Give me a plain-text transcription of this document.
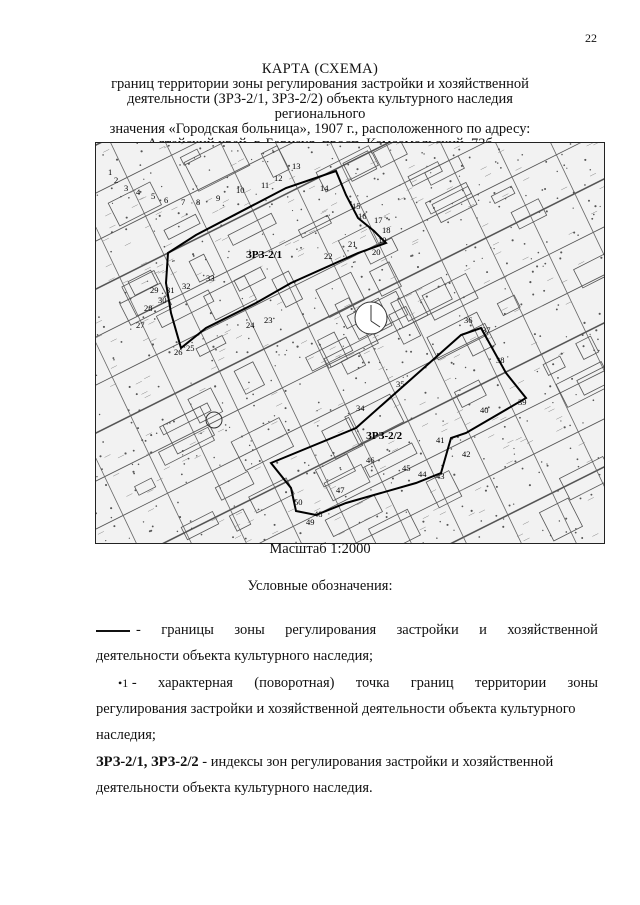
22
КАРТА (СХЕМА)
границ территории зоны регулирования застройки и хозяйственной
деятельности (ЗРЗ-2/1, ЗРЗ-2/2) объекта культурного наследия регионального
значения «Городская больница», 1907 г., расположенного по адресу:
1
2
3 4 5 6 7 8 9
10 11
12
13
14
15
16 17
18
19
20
21
22
23
24
25
26
27
28
29
30
31 32
33
34
35
36
37
38
39
40
41
42
43
44
45
46
47
48
49
50
ЗРЗ-2/1
ЗРЗ-2/2
Масштаб 1:2000
Условные обозначения:
- границы зоны регулирования застройки и хозяйственной
деятельности объекта культурного наследия;
•1 - характерная (поворотная) точка границ территории зоны
регулирования застройки и хозяйственной деятельности объекта культурного
наследия;
ЗРЗ-2/1, ЗРЗ-2/2 - индексы зон регулирования застройки и хозяйственной
деятельности объекта культурного наследия.
